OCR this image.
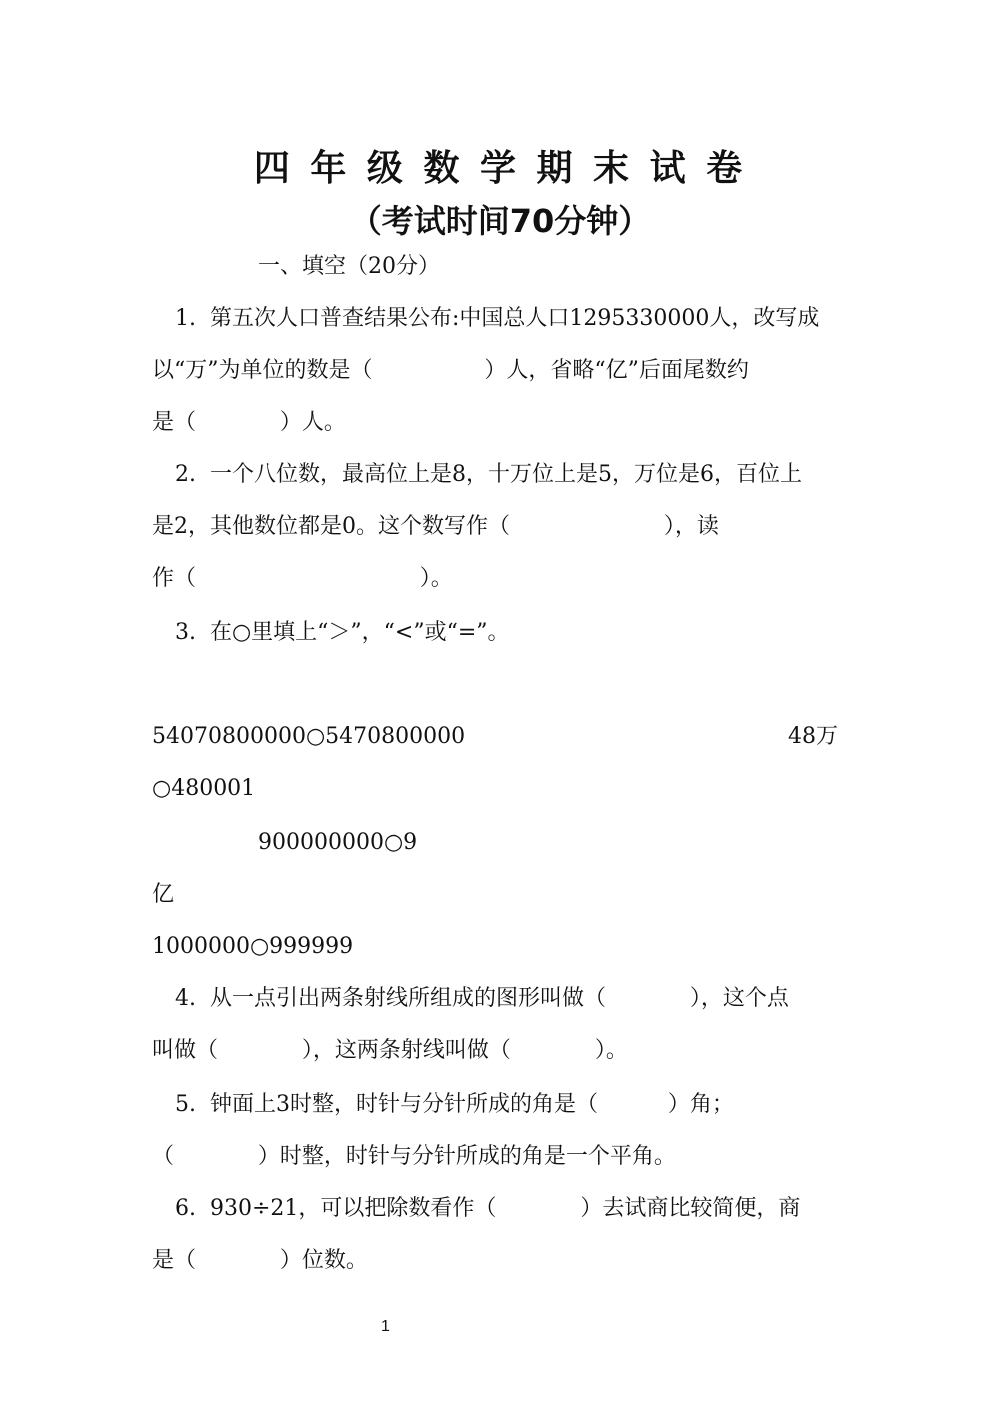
四 年 级 数 学 期 末 试 卷
（考试时间70分钟）
一、填空（20分）
1.  第五次人口普查结果公布:中国总人口1295330000人，改写成
以“万”为单位的数是（                ）人，省略“亿”后面尾数约
是（            ）人。
2.  一个八位数，最高位上是8，十万位上是5，万位是6，百位上
是2，其他数位都是0。这个数写作（                      ），读
作（                                ）。
3.  在○里填上“＞”，“<”或“=”。
54070800000○5470800000	48万
○480001
900000000○9
亿
1000000○999999
4.  从一点引出两条射线所组成的图形叫做（            ），这个点
叫做（            ），这两条射线叫做（            ）。
5.  钟面上3时整，时针与分针所成的角是（          ）角；
（            ）时整，时针与分针所成的角是一个平角。
6.  930÷21，可以把除数看作（            ）去试商比较简便，商
是（            ）位数。
1
